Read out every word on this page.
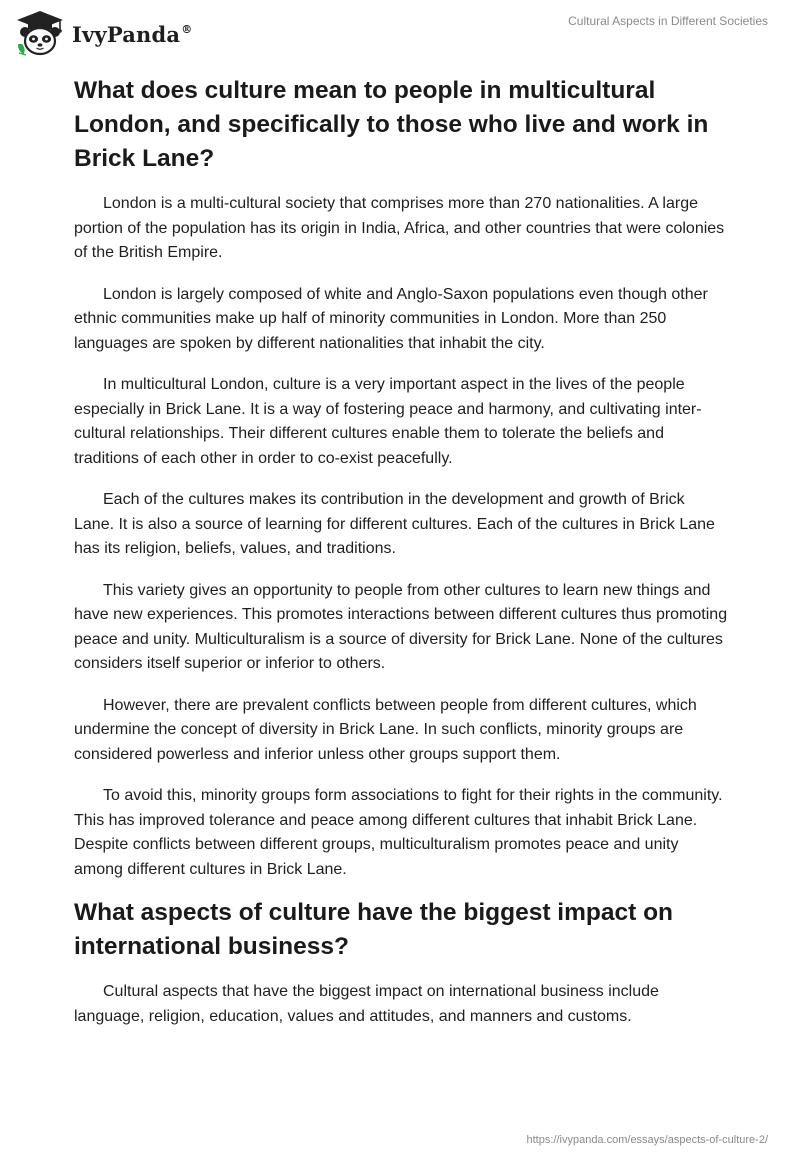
IvyPanda®
Cultural Aspects in Different Societies
What does culture mean to people in multicultural London, and specifically to those who live and work in Brick Lane?

London is a multi-cultural society that comprises more than 270 nationalities. A large portion of the population has its origin in India, Africa, and other countries that were colonies of the British Empire.

London is largely composed of white and Anglo-Saxon populations even though other ethnic communities make up half of minority communities in London. More than 250 languages are spoken by different nationalities that inhabit the city.

In multicultural London, culture is a very important aspect in the lives of the people especially in Brick Lane. It is a way of fostering peace and harmony, and cultivating inter-cultural relationships. Their different cultures enable them to tolerate the beliefs and traditions of each other in order to co-exist peacefully.

Each of the cultures makes its contribution in the development and growth of Brick Lane. It is also a source of learning for different cultures. Each of the cultures in Brick Lane has its religion, beliefs, values, and traditions.

This variety gives an opportunity to people from other cultures to learn new things and have new experiences. This promotes interactions between different cultures thus promoting peace and unity. Multiculturalism is a source of diversity for Brick Lane. None of the cultures considers itself superior or inferior to others.

However, there are prevalent conflicts between people from different cultures, which undermine the concept of diversity in Brick Lane. In such conflicts, minority groups are considered powerless and inferior unless other groups support them.

To avoid this, minority groups form associations to fight for their rights in the community. This has improved tolerance and peace among different cultures that inhabit Brick Lane. Despite conflicts between different groups, multiculturalism promotes peace and unity among different cultures in Brick Lane.

What aspects of culture have the biggest impact on international business?

Cultural aspects that have the biggest impact on international business include language, religion, education, values and attitudes, and manners and customs.

https://ivypanda.com/essays/aspects-of-culture-2/
